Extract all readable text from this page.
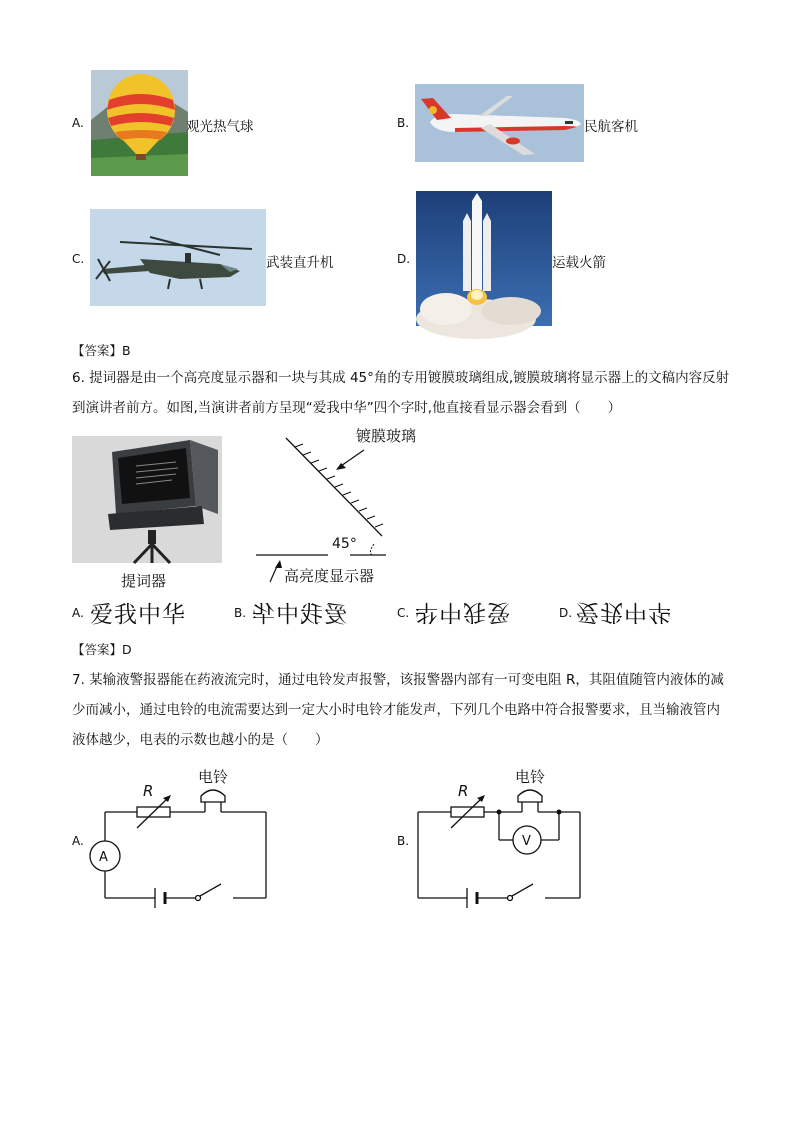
A.	观光热气球	B.	民航客机
C.	武装直升机	D.	运载火箭
【答案】B
6. 提词器是由一个高亮度显示器和一块与其成 45°角的专用镀膜玻璃组成,镀膜玻璃将显示器上的文稿内容反射到演讲者前方。如图,当演讲者前方呈现“爱我中华”四个字时,他直接看显示器会看到（　　）
提词器
镀膜玻璃
45°
高亮度显示器
A. 爱我中华	B. 爱我中华	C. 爱我中华	D. 爱我中华
【答案】D
7. 某输液警报器能在药液流完时，通过电铃发声报警，该报警器内部有一可变电阻 R，其阻值随管内液体的减少而减小，通过电铃的电流需要达到一定大小时电铃才能发声，下列几个电路中符合报警要求，且当输液管内液体越少，电表的示数也越小的是（　　）
A.
R
电铃
A
B.
R
电铃
V
